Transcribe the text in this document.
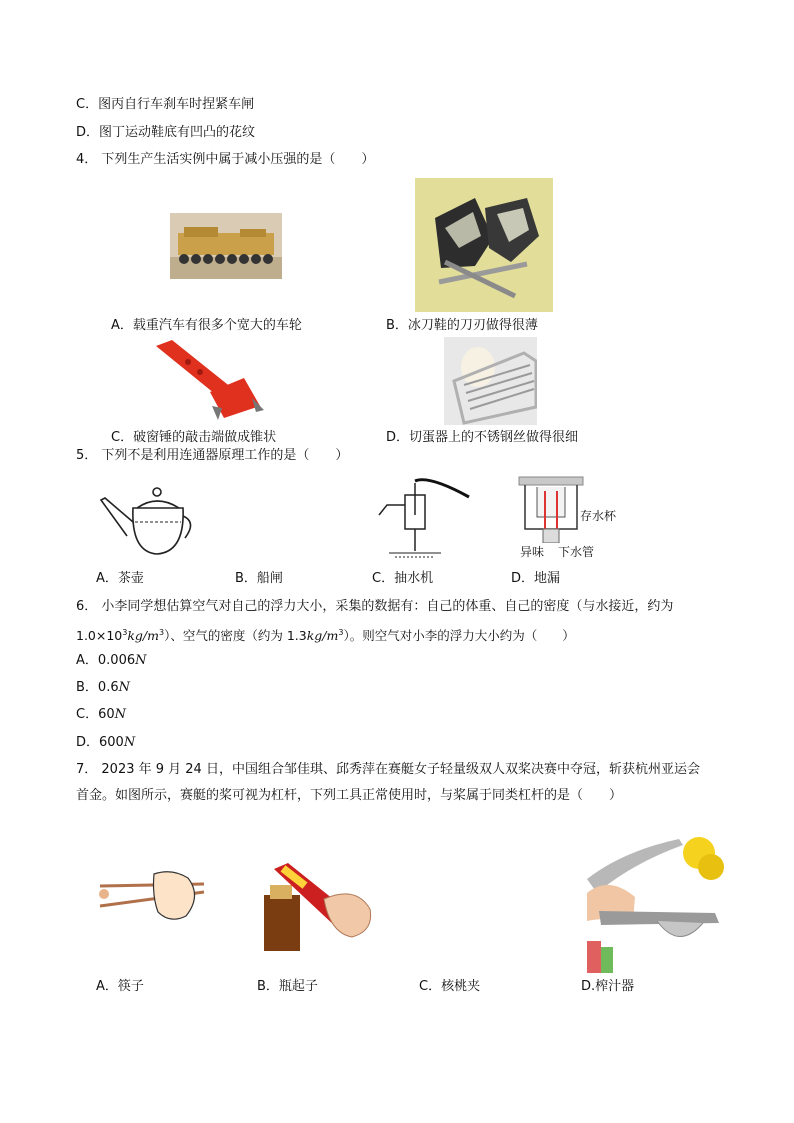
C．图丙自行车刹车时捏紧车闸
D．图丁运动鞋底有凹凸的花纹
4． 下列生产生活实例中属于减小压强的是（　　）
A．载重汽车有很多个宽大的车轮	B．冰刀鞋的刀刃做得很薄
C．破窗锤的敲击端做成锥状	D．切蛋器上的不锈钢丝做得很细
5． 下列不是利用连通器原理工作的是（　　）
存水杯
异味 下水管
A．茶壶	B．船闸	C．抽水机	D．地漏
6． 小李同学想估算空气对自己的浮力大小，采集的数据有：自己的体重、自己的密度（与水接近，约为
$1.0\times 10^3kg/m^3$）、空气的密度（约为 $1.3kg/m^3$）。则空气对小李的浮力大小约为（　　）
A．0.006N
B．0.6N
C．60N
D．600N
7． 2023 年 9 月 24 日，中国组合邹佳琪、邱秀萍在赛艇女子轻量级双人双桨决赛中夺冠，斩获杭州亚运会
首金。如图所示，赛艇的桨可视为杠杆，下列工具正常使用时，与桨属于同类杠杆的是（　　）
A．筷子	B．瓶起子	C．核桃夹	D.榨汁器
